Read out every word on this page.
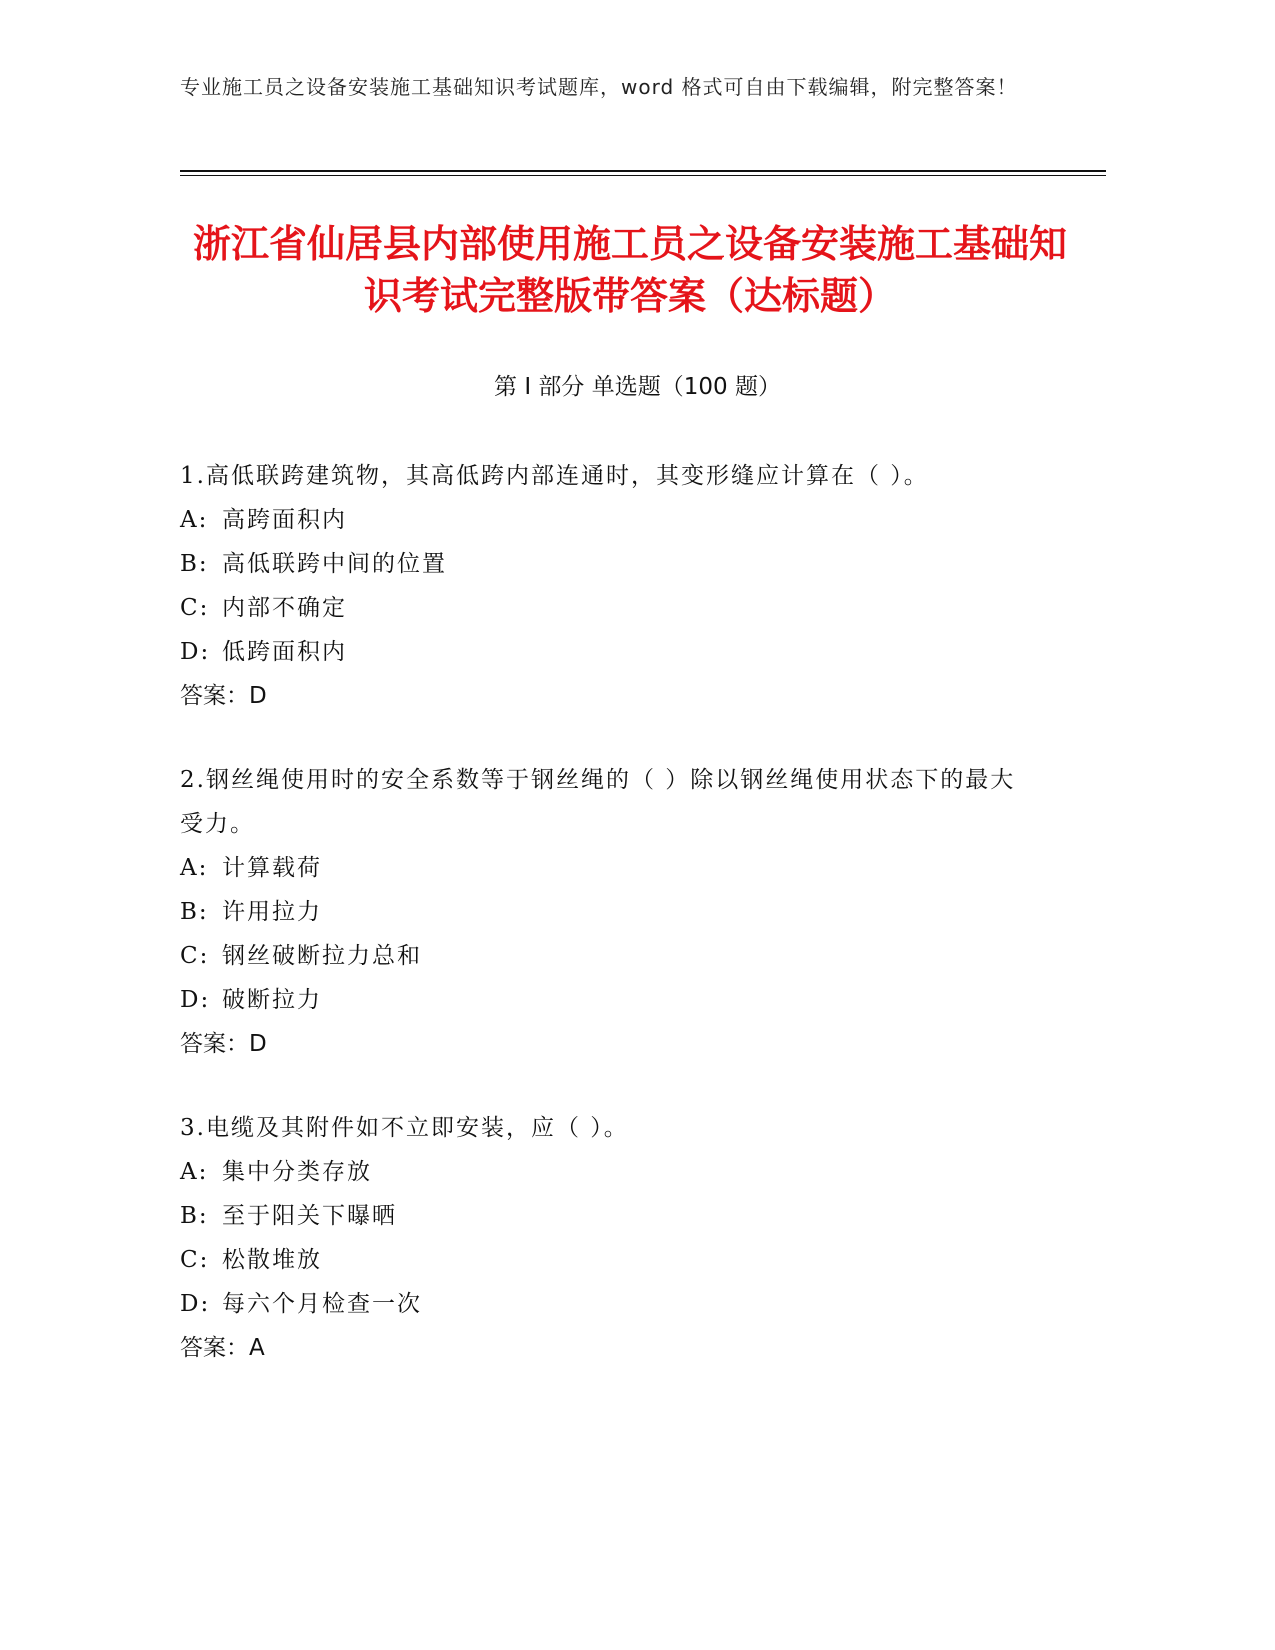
专业施工员之设备安装施工基础知识考试题库，word 格式可自由下载编辑，附完整答案！
浙江省仙居县内部使用施工员之设备安装施工基础知识考试完整版带答案（达标题）
第 I 部分 单选题（100 题）

1.高低联跨建筑物，其高低跨内部连通时，其变形缝应计算在（ ）。

A: 高跨面积内

B: 高低联跨中间的位置

C: 内部不确定

D: 低跨面积内

答案：D

2.钢丝绳使用时的安全系数等于钢丝绳的（ ）除以钢丝绳使用状态下的最大受力。

A: 计算载荷

B: 许用拉力

C: 钢丝破断拉力总和

D: 破断拉力

答案：D

3.电缆及其附件如不立即安装，应（ ）。

A: 集中分类存放

B: 至于阳关下曝晒

C: 松散堆放

D: 每六个月检查一次

答案：A
